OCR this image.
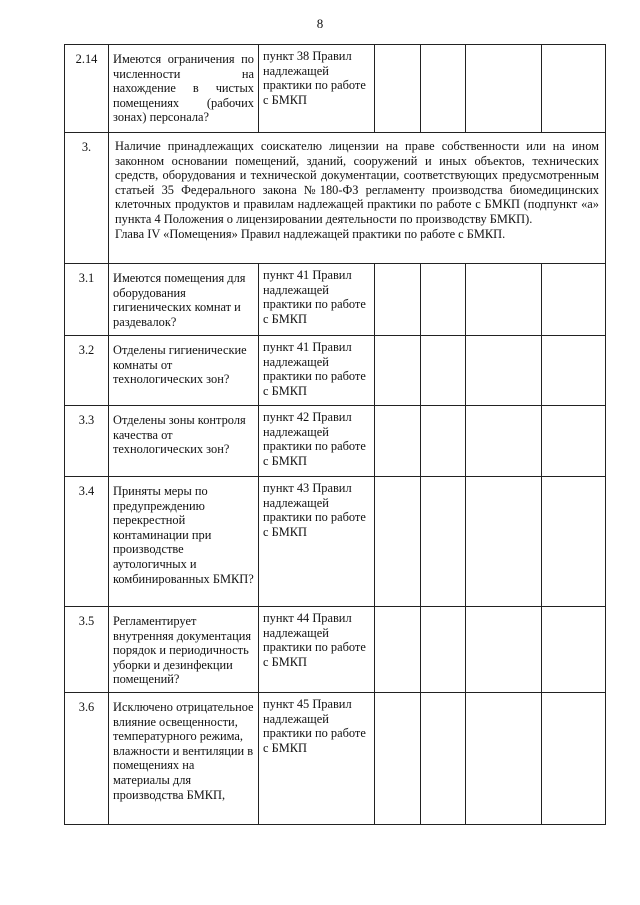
8
2.14	Имеются ограничения по численности на нахождение в чистых помещениях (рабочих зонах) персонала?	пункт 38 Правил надлежащей практики по работе с БМКП				
3.	Наличие принадлежащих соискателю лицензии на праве собственности или на ином законном основании помещений, зданий, сооружений и иных объектов, технических средств, оборудования и технической документации, соответствующих предусмотренным статьей 35 Федерального закона №180-ФЗ регламенту производства биомедицинских клеточных продуктов и правилам надлежащей практики по работе с БМКП (подпункт «а» пункта 4 Положения о лицензировании деятельности по производству БМКП).
Глава IV «Помещения» Правил надлежащей практики по работе с БМКП.					

3.1	Имеются помещения для оборудования гигиенических комнат и раздевалок?	пункт 41 Правил надлежащей практики по работе с БМКП				
3.2	Отделены гигиенические комнаты от технологических зон?	пункт 41 Правил надлежащей практики по работе с БМКП				
3.3	Отделены зоны контроля качества от технологических зон?	пункт 42 Правил надлежащей практики по работе с БМКП				
3.4	Приняты меры по предупреждению перекрестной контаминации при производстве аутологичных и комбинированных БМКП?	пункт 43 Правил надлежащей практики по работе с БМКП				
3.5	Регламентирует внутренняя документация порядок и периодичность уборки и дезинфекции помещений?	пункт 44 Правил надлежащей практики по работе с БМКП				
3.6	Исключено отрицательное влияние освещенности, температурного режима, влажности и вентиляции в помещениях на материалы для производства БМКП,	пункт 45 Правил надлежащей практики по работе с БМКП				
